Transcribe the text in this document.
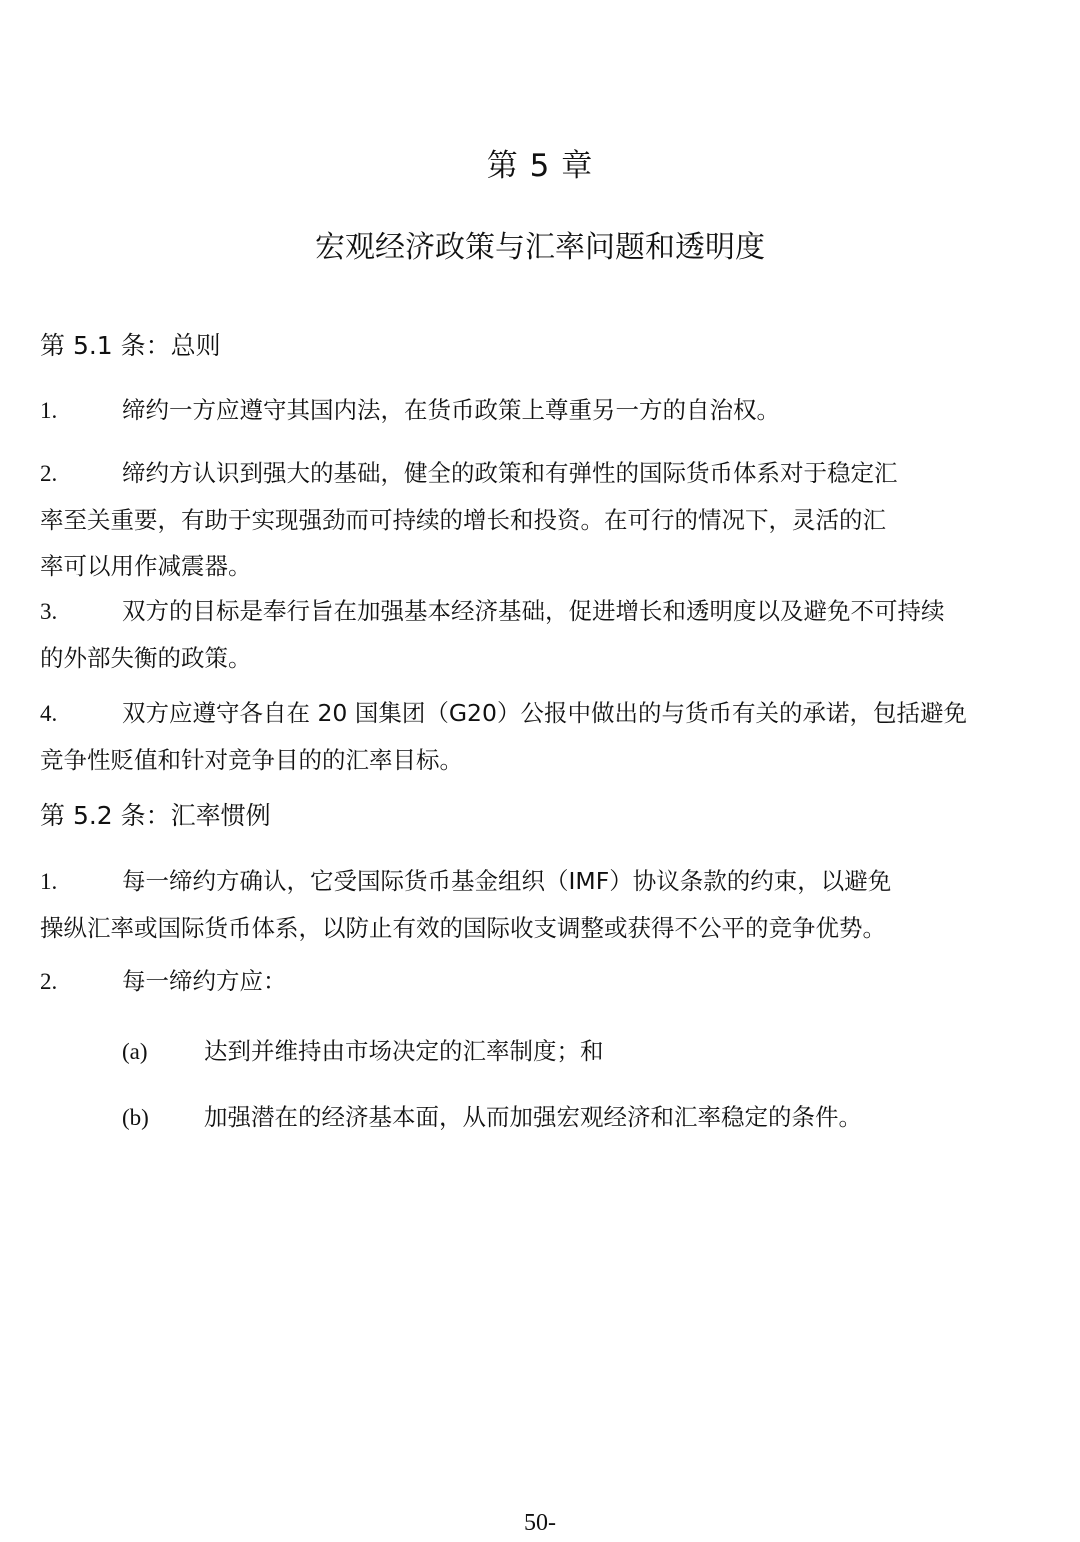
第 5 章
宏观经济政策与汇率问题和透明度
第 5.1 条：总则
1.	缔约一方应遵守其国内法，在货币政策上尊重另一方的自治权。
2.	缔约方认识到强大的基础，健全的政策和有弹性的国际货币体系对于稳定汇
率至关重要，有助于实现强劲而可持续的增长和投资。在可行的情况下，灵活的汇
率可以用作减震器。
3.	双方的目标是奉行旨在加强基本经济基础，促进增长和透明度以及避免不可持续
的外部失衡的政策。
4.	双方应遵守各自在 20 国集团（G20）公报中做出的与货币有关的承诺，包括避免
竞争性贬值和针对竞争目的的汇率目标。
第 5.2 条：汇率惯例
1.	每一缔约方确认，它受国际货币基金组织（IMF）协议条款的约束，以避免
操纵汇率或国际货币体系，以防止有效的国际收支调整或获得不公平的竞争优势。
2.	每一缔约方应：
(a) 达到并维持由市场决定的汇率制度；和
(b) 加强潜在的经济基本面，从而加强宏观经济和汇率稳定的条件。
50-
